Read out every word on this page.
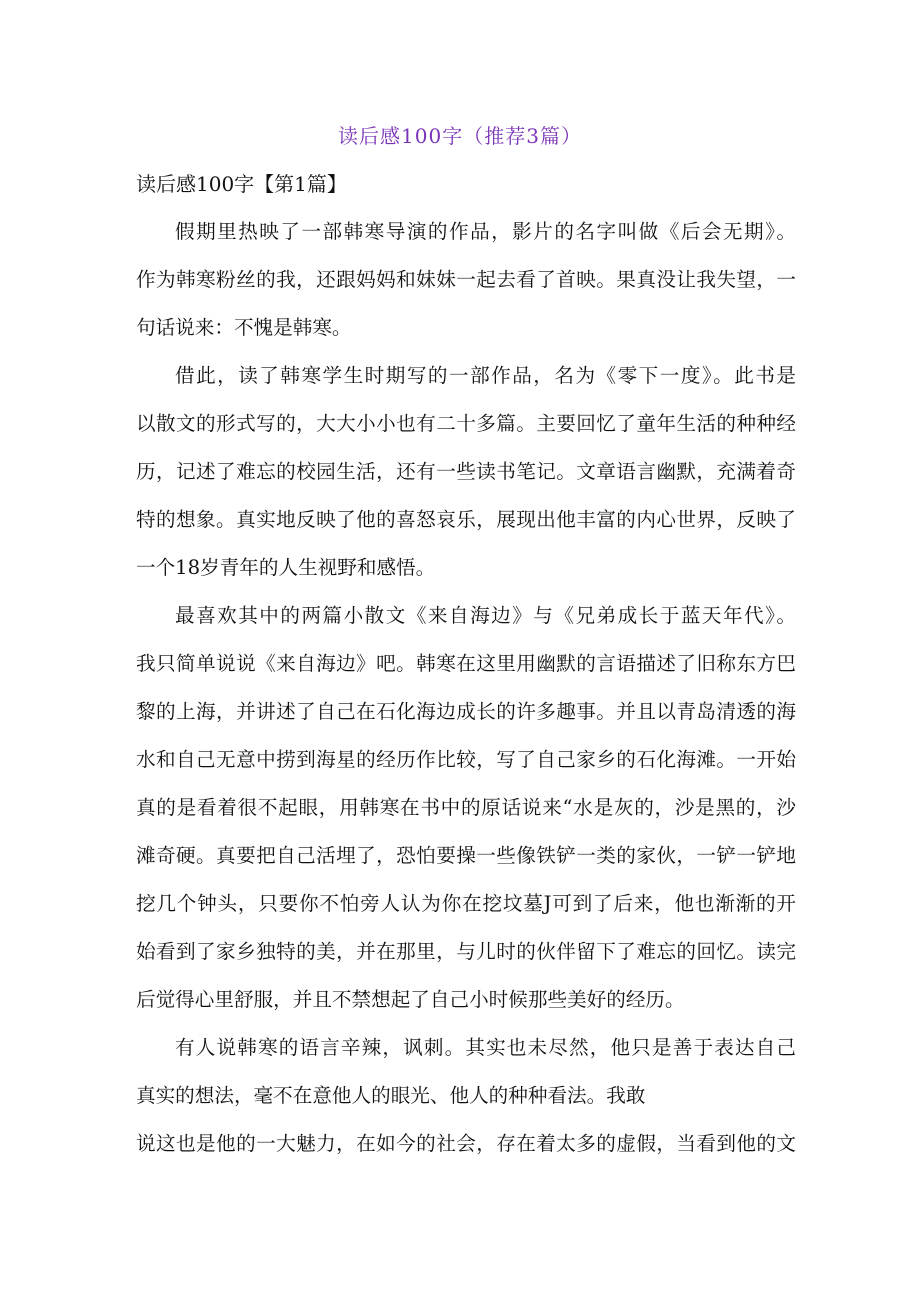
读后感100字（推荐3篇）
读后感100字【第1篇】

假期里热映了一部韩寒导演的作品，影片的名字叫做《后会无期》。
作为韩寒粉丝的我，还跟妈妈和妹妹一起去看了首映。果真没让我失望，一
句话说来：不愧是韩寒。

借此，读了韩寒学生时期写的一部作品，名为《零下一度》。此书是
以散文的形式写的，大大小小也有二十多篇。主要回忆了童年生活的种种经
历，记述了难忘的校园生活，还有一些读书笔记。文章语言幽默，充满着奇
特的想象。真实地反映了他的喜怒哀乐，展现出他丰富的内心世界，反映了
一个18岁青年的人生视野和感悟。

最喜欢其中的两篇小散文《来自海边》与《兄弟成长于蓝天年代》。
我只简单说说《来自海边》吧。韩寒在这里用幽默的言语描述了旧称东方巴
黎的上海，并讲述了自己在石化海边成长的许多趣事。并且以青岛清透的海
水和自己无意中捞到海星的经历作比较，写了自己家乡的石化海滩。一开始
真的是看着很不起眼，用韩寒在书中的原话说来“水是灰的，沙是黑的，沙
滩奇硬。真要把自己活埋了，恐怕要操一些像铁铲一类的家伙，一铲一铲地
挖几个钟头，只要你不怕旁人认为你在挖坟墓J可到了后来，他也渐渐的开
始看到了家乡独特的美，并在那里，与儿时的伙伴留下了难忘的回忆。读完
后觉得心里舒服，并且不禁想起了自己小时候那些美好的经历。

有人说韩寒的语言辛辣，讽刺。其实也未尽然，他只是善于表达自己
真实的想法，毫不在意他人的眼光、他人的种种看法。我敢
说这也是他的一大魅力，在如今的社会，存在着太多的虚假，当看到他的文
